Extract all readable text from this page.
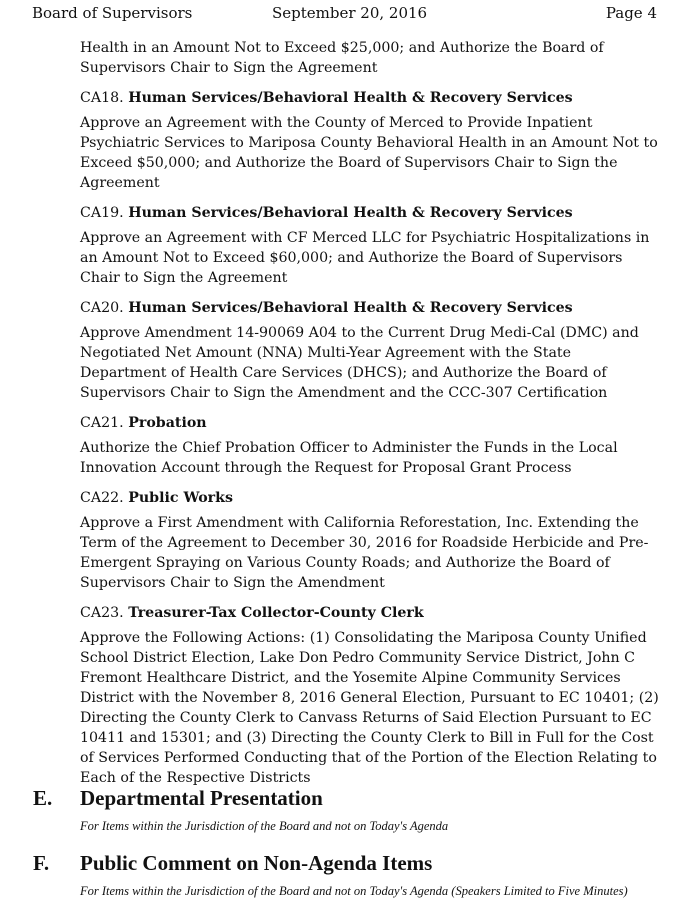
Board of Supervisors	September 20, 2016	Page 4

Health in an Amount Not to Exceed $25,000; and Authorize the Board of Supervisors Chair to Sign the Agreement

CA18. Human Services/Behavioral Health & Recovery Services

Approve an Agreement with the County of Merced to Provide Inpatient Psychiatric Services to Mariposa County Behavioral Health in an Amount Not to Exceed $50,000; and Authorize the Board of Supervisors Chair to Sign the Agreement

CA19. Human Services/Behavioral Health & Recovery Services

Approve an Agreement with CF Merced LLC for Psychiatric Hospitalizations in an Amount Not to Exceed $60,000; and Authorize the Board of Supervisors Chair to Sign the Agreement

CA20. Human Services/Behavioral Health & Recovery Services

Approve Amendment 14-90069 A04 to the Current Drug Medi-Cal (DMC) and Negotiated Net Amount (NNA) Multi-Year Agreement with the State Department of Health Care Services (DHCS); and Authorize the Board of Supervisors Chair to Sign the Amendment and the CCC-307 Certification

CA21. Probation

Authorize the Chief Probation Officer to Administer the Funds in the Local Innovation Account through the Request for Proposal Grant Process

CA22. Public Works

Approve a First Amendment with California Reforestation, Inc. Extending the Term of the Agreement to December 30, 2016 for Roadside Herbicide and Pre-Emergent Spraying on Various County Roads; and Authorize the Board of Supervisors Chair to Sign the Amendment

CA23. Treasurer-Tax Collector-County Clerk

Approve the Following Actions: (1) Consolidating the Mariposa County Unified School District Election, Lake Don Pedro Community Service District, John C Fremont Healthcare District, and the Yosemite Alpine Community Services District with the November 8, 2016 General Election, Pursuant to EC 10401; (2) Directing the County Clerk to Canvass Returns of Said Election Pursuant to EC 10411 and 15301; and (3) Directing the County Clerk to Bill in Full for the Cost of Services Performed Conducting that of the Portion of the Election Relating to Each of the Respective Districts

E. Departmental Presentation
For Items within the Jurisdiction of the Board and not on Today's Agenda
F. Public Comment on Non-Agenda Items
For Items within the Jurisdiction of the Board and not on Today's Agenda (Speakers Limited to Five Minutes)
